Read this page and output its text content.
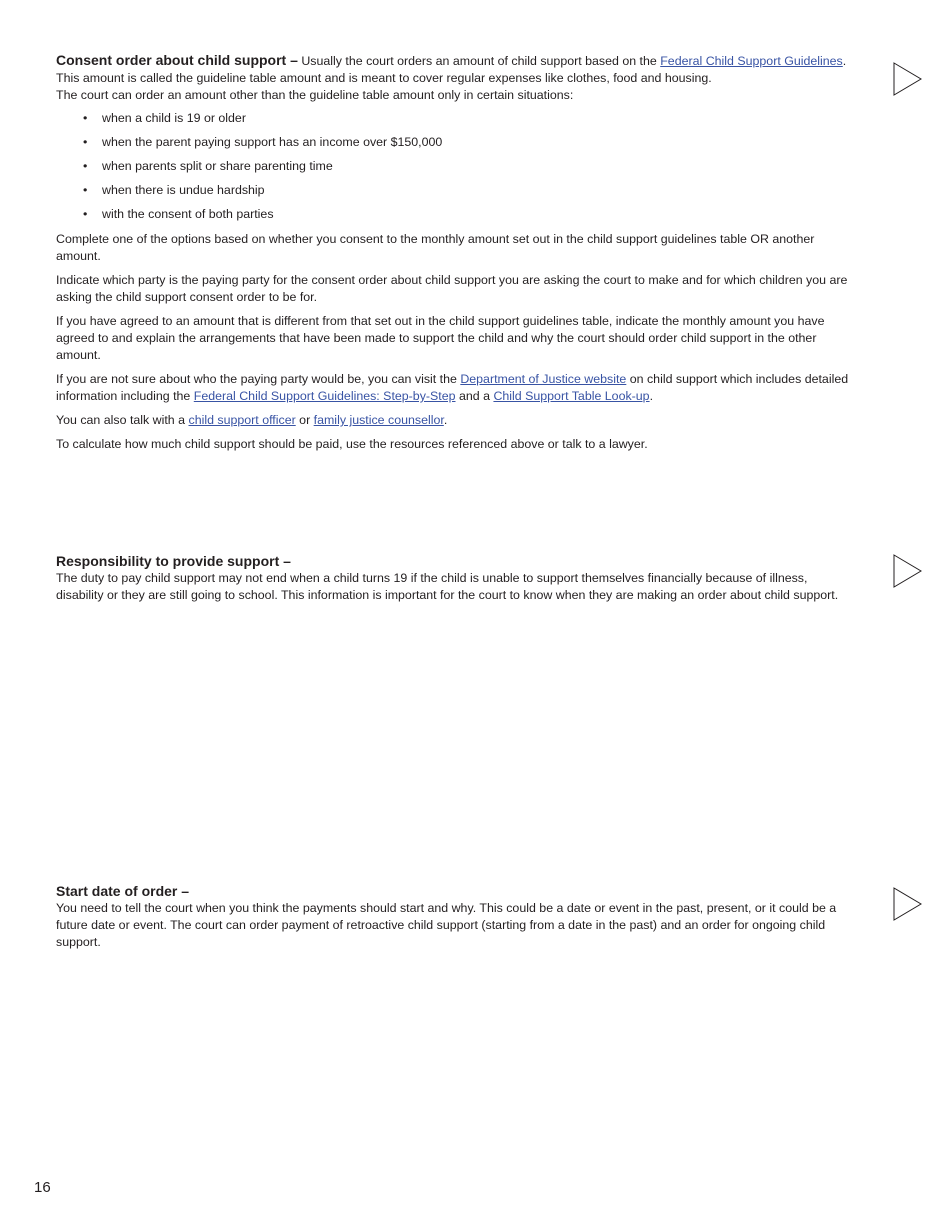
Consent order about child support – Usually the court orders an amount of child support based on the Federal Child Support Guidelines.

This amount is called the guideline table amount and is meant to cover regular expenses like clothes, food and housing.

The court can order an amount other than the guideline table amount only in certain situations:

• when a child is 19 or older
• when the parent paying support has an income over $150,000
• when parents split or share parenting time
• when there is undue hardship
• with the consent of both parties

Complete one of the options based on whether you consent to the monthly amount set out in the child support guidelines table OR another amount.

Indicate which party is the paying party for the consent order about child support you are asking the court to make and for which children you are asking the child support consent order to be for.

If you have agreed to an amount that is different from that set out in the child support guidelines table, indicate the monthly amount you have agreed to and explain the arrangements that have been made to support the child and why the court should order child support in the other amount.

If you are not sure about who the paying party would be, you can visit the Department of Justice website on child support which includes detailed information including the Federal Child Support Guidelines: Step-by-Step and a Child Support Table Look-up.

You can also talk with a child support officer or family justice counsellor.

To calculate how much child support should be paid, use the resources referenced above or talk to a lawyer.

Responsibility to provide support –

The duty to pay child support may not end when a child turns 19 if the child is unable to support themselves financially because of illness, disability or they are still going to school. This information is important for the court to know when they are making an order about child support.

Start date of order –

You need to tell the court when you think the payments should start and why. This could be a date or event in the past, present, or it could be a future date or event. The court can order payment of retroactive child support (starting from a date in the past) and an order for ongoing child support.

16
